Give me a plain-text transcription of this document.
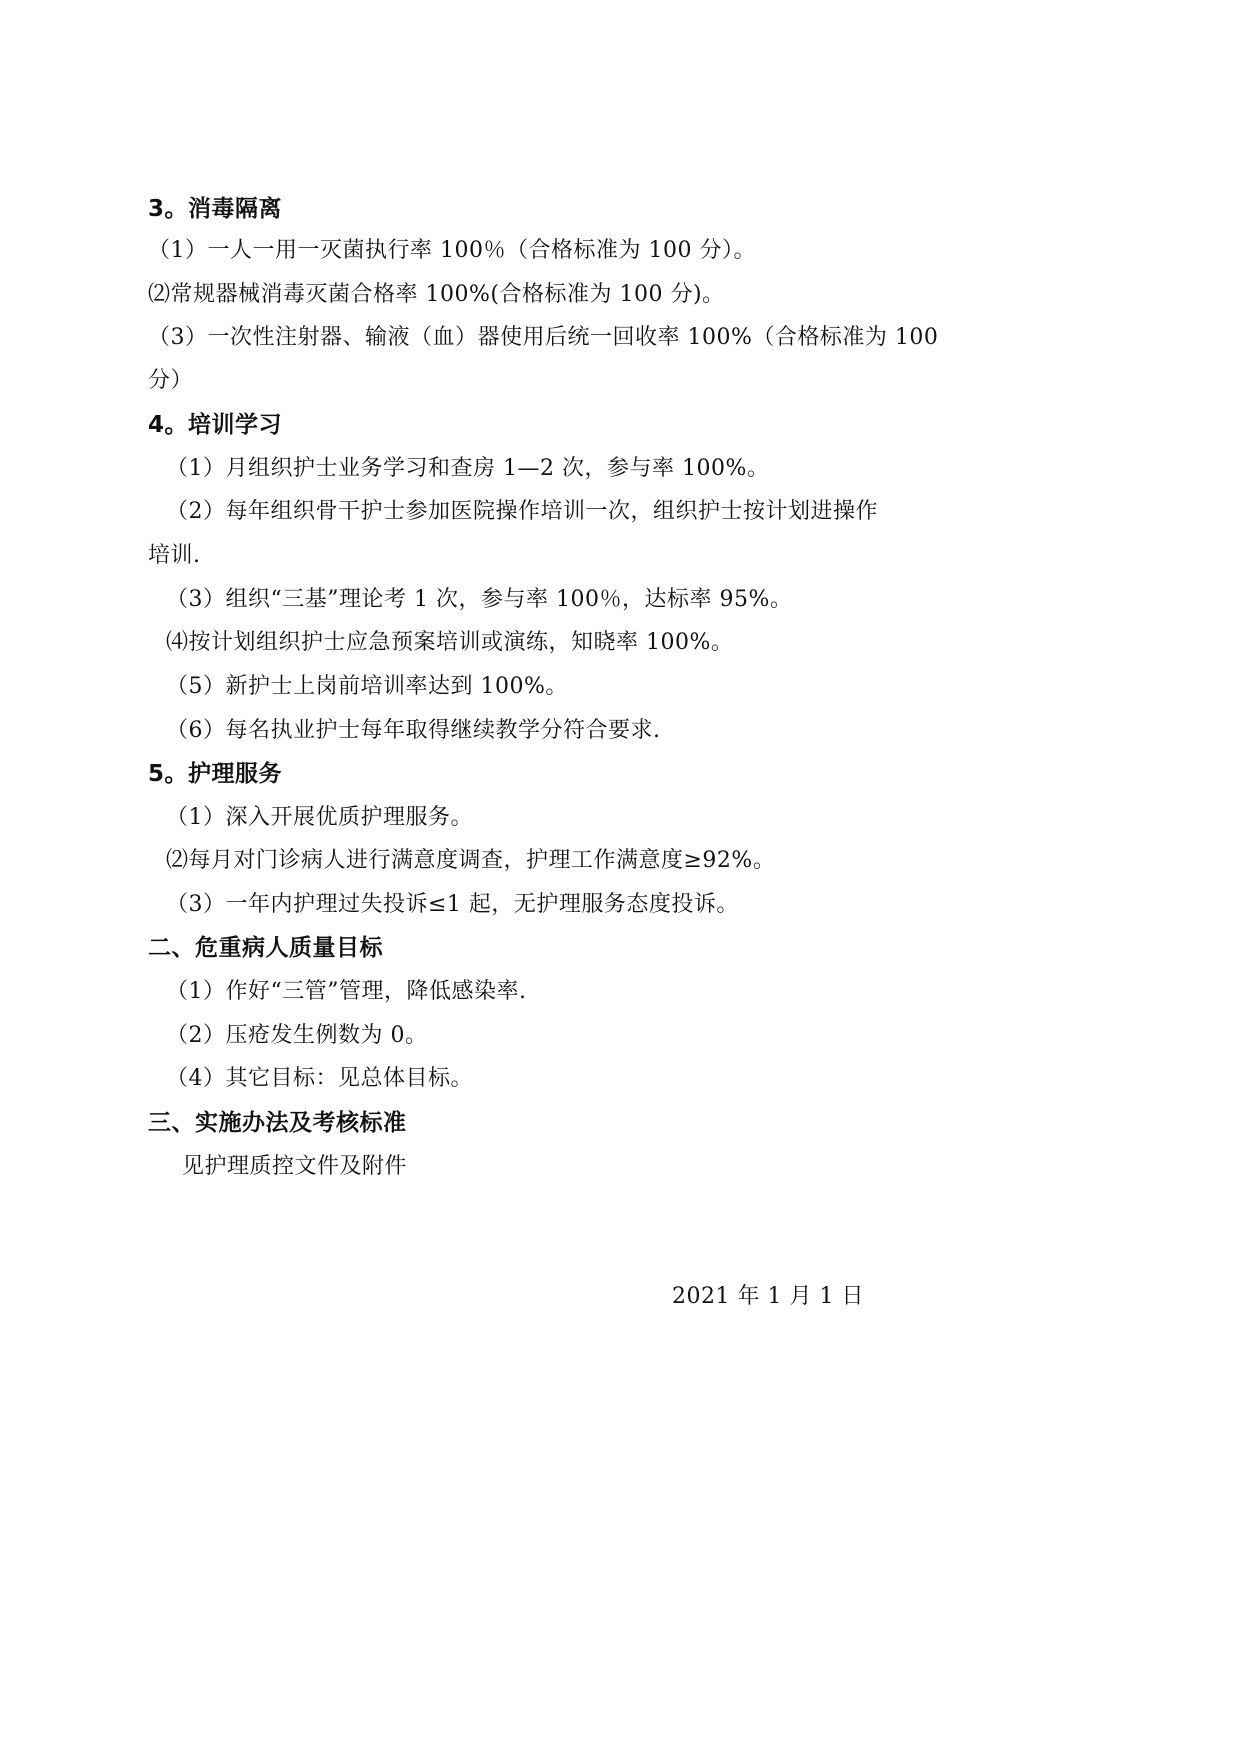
3。消毒隔离
（1）一人一用一灭菌执行率 100％（合格标准为 100 分）。
⑵常规器械消毒灭菌合格率 100%(合格标准为 100 分)。
（3）一次性注射器、输液（血）器使用后统一回收率 100%（合格标准为 100
分）
4。培训学习
（1）月组织护士业务学习和查房 1—2 次，参与率 100%。
（2）每年组织骨干护士参加医院操作培训一次，组织护士按计划进操作
培训.
（3）组织“三基”理论考 1 次，参与率 100％，达标率 95%。
⑷按计划组织护士应急预案培训或演练，知晓率 100%。
（5）新护士上岗前培训率达到 100%。
（6）每名执业护士每年取得继续教学分符合要求.
5。护理服务
（1）深入开展优质护理服务。
⑵每月对门诊病人进行满意度调查，护理工作满意度≥92%。
（3）一年内护理过失投诉≤1 起，无护理服务态度投诉。
二、危重病人质量目标
（1）作好“三管”管理，降低感染率.
（2）压疮发生例数为 0。
（4）其它目标：见总体目标。
三、实施办法及考核标准
见护理质控文件及附件
2021 年 1 月 1 日
